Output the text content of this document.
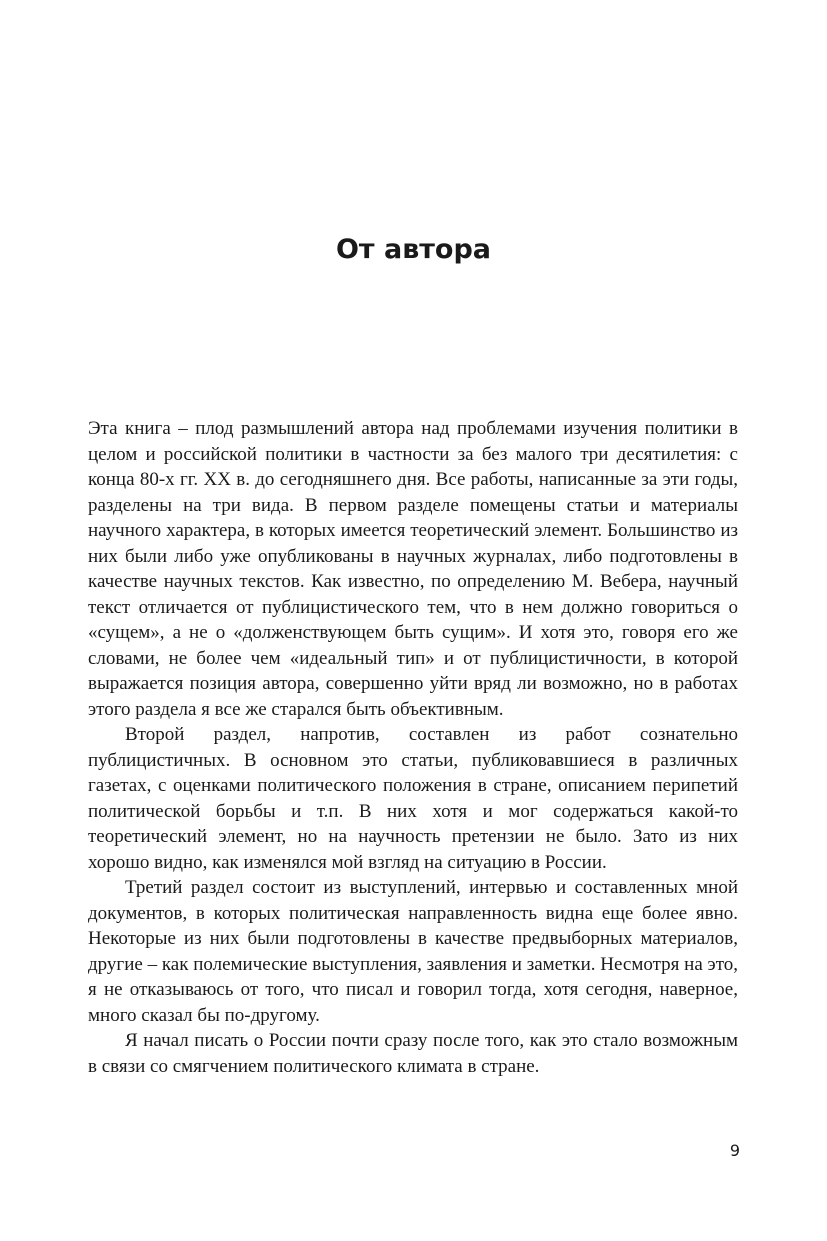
От автора

Эта книга – плод размышлений автора над проблемами изучения политики в целом и российской политики в частности за без малого три десятилетия: с конца 80-х гг. XX в. до сегодняшнего дня. Все работы, написанные за эти годы, разделены на три вида. В первом разделе помещены статьи и материалы научного характера, в которых имеется теоретический элемент. Большинство из них были либо уже опубликованы в научных журналах, либо подготовлены в качестве научных текстов. Как известно, по определению М. Вебера, научный текст отличается от публицистического тем, что в нем должно говориться о «сущем», а не о «долженствующем быть сущим». И хотя это, говоря его же словами, не более чем «идеальный тип» и от публицистичности, в которой выражается позиция автора, совершенно уйти вряд ли возможно, но в работах этого раздела я все же старался быть объективным.

Второй раздел, напротив, составлен из работ сознательно публицистичных. В основном это статьи, публиковавшиеся в различных газетах, с оценками политического положения в стране, описанием перипетий политической борьбы и т.п. В них хотя и мог содержаться какой-то теоретический элемент, но на научность претензии не было. Зато из них хорошо видно, как изменялся мой взгляд на ситуацию в России.

Третий раздел состоит из выступлений, интервью и составленных мной документов, в которых политическая направленность видна еще более явно. Некоторые из них были подготовлены в качестве предвыборных материалов, другие – как полемические выступления, заявления и заметки. Несмотря на это, я не отказываюсь от того, что писал и говорил тогда, хотя сегодня, наверное, много сказал бы по-другому.

Я начал писать о России почти сразу после того, как это стало возможным в связи со смягчением политического климата в стране.

9
